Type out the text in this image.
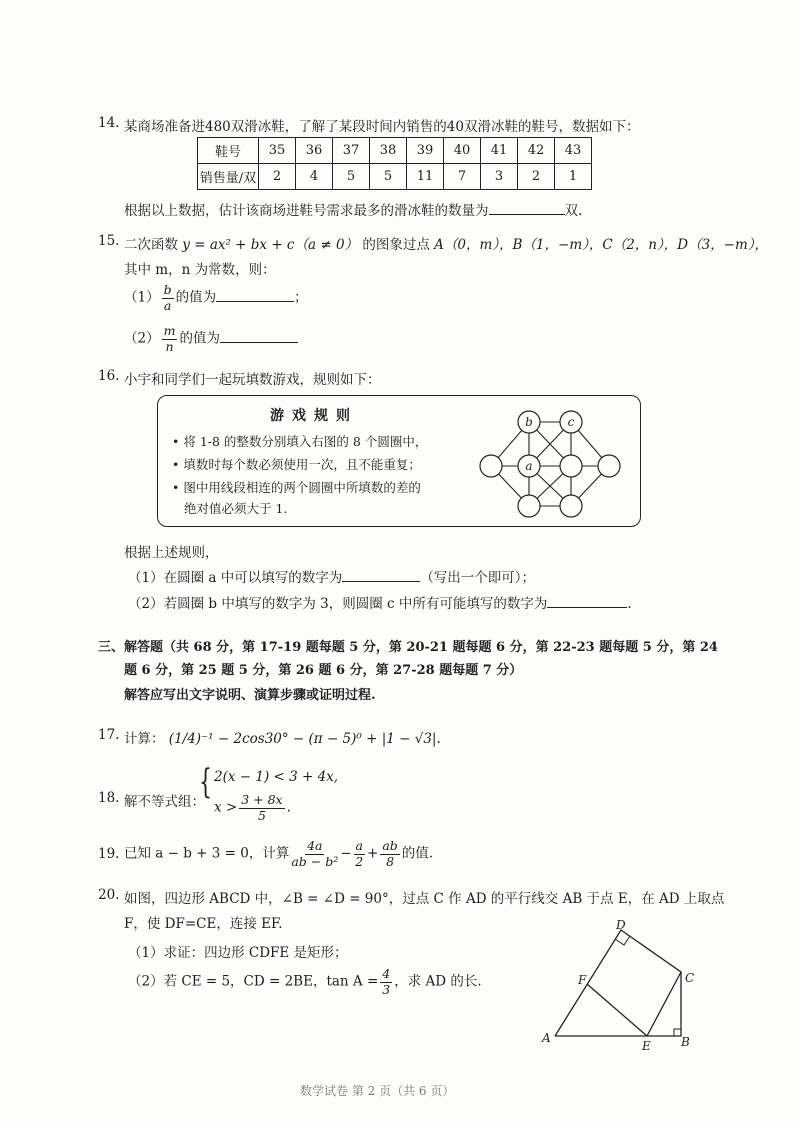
14. 某商场准备进480双滑冰鞋，了解了某段时间内销售的40双滑冰鞋的鞋号，数据如下：
鞋号	35	36	37	38	39	40	41	42	43
销售量/双	2	4	5	5	11	7	3	2	1
根据以上数据，估计该商场进鞋号需求最多的滑冰鞋的数量为	双.
15. 二次函数 y = ax² + bx + c（a ≠ 0） 的图象过点 A（0，m），B（1，−m），C（2，n），D（3，−m），
其中 m，n 为常数，则：
$(1) \frac{b}{a}$ 的值为	；
$(2) \frac{m}{n}$ 的值为
16. 小宇和同学们一起玩填数游戏，规则如下：
游戏规则
• 将 1-8 的整数分别填入右图的 8 个圆圈中，
• 填数时每个数必须使用一次，且不能重复；
• 图中用线段相连的两个圆圈中所填数的差的
绝对值必须大于 1.
b	c
a
根据上述规则，
（1）在圆圈 a 中可以填写的数字为	（写出一个即可）；
（2）若圆圈 b 中填写的数字为 3，则圆圈 c 中所有可能填写的数字为	.
三、解答题（共 68 分，第 17-19 题每题 5 分，第 20-21 题每题 6 分，第 22-23 题每题 5 分，第 24
题 6 分，第 25 题 5 分，第 26 题 6 分，第 27-28 题每题 7 分）
解答应写出文字说明、演算步骤或证明过程.
17. 计算： (1/4)⁻¹ − 2cos30° − (π − 5)⁰ + |1 − √3|.
18. 解不等式组：
{ 2(x − 1) < 3 + 4x,
$x > \frac{3 + 8x}{5}$ .
19. 已知 a − b + 3 = 0，计算 $\frac{4a}{\text{ab − b²}} - \frac{a}{2} + \frac{ab}{8}$ 的值.
20. 如图，四边形 ABCD 中，∠B = ∠D = 90°，过点 C 作 AD 的平行线交 AB 于点 E，在 AD 上取点
F，使 DF=CE，连接 EF.
（1）求证：四边形 CDFE 是矩形；
（2）若 CE = 5，CD = 2BE，$\tan A = \frac{4}{3}$ ，求 AD 的长.
D
C
F
A
E	B
数学试卷 第 2 页（共 6 页）
